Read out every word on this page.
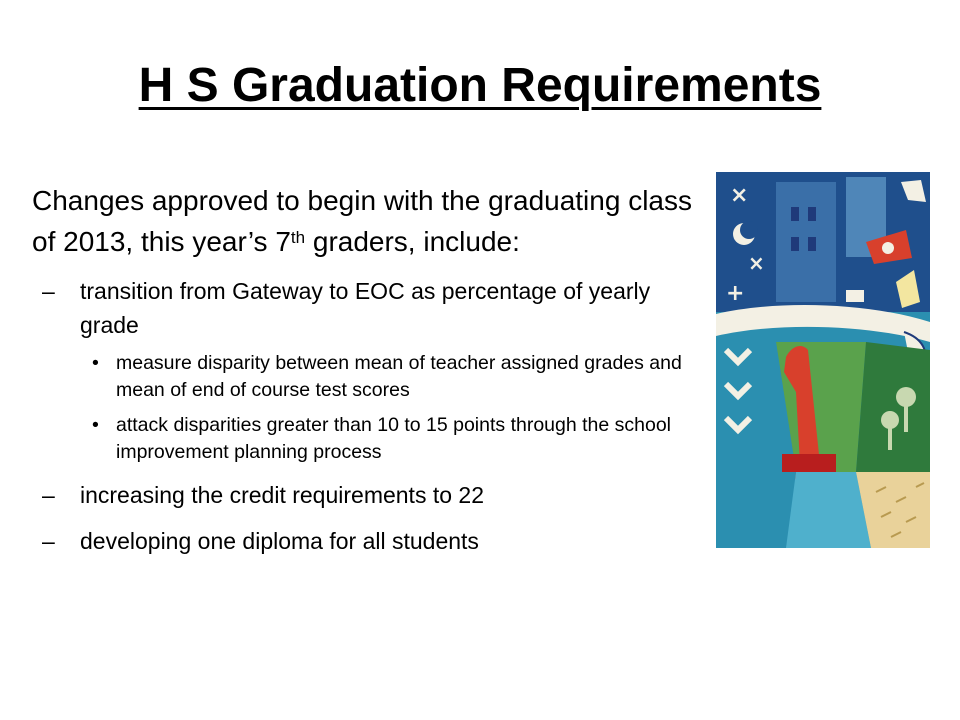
H S Graduation Requirements

Changes approved to begin with the graduating class of 2013, this year’s 7th graders, include:

–	transition from Gateway to EOC as percentage of yearly grade
• measure disparity between mean of teacher assigned grades and mean of end of course test scores
• attack disparities greater than 10 to 15 points through the school improvement planning process
–	increasing the credit requirements to 22
–	developing one diploma for all students
×
×
+
